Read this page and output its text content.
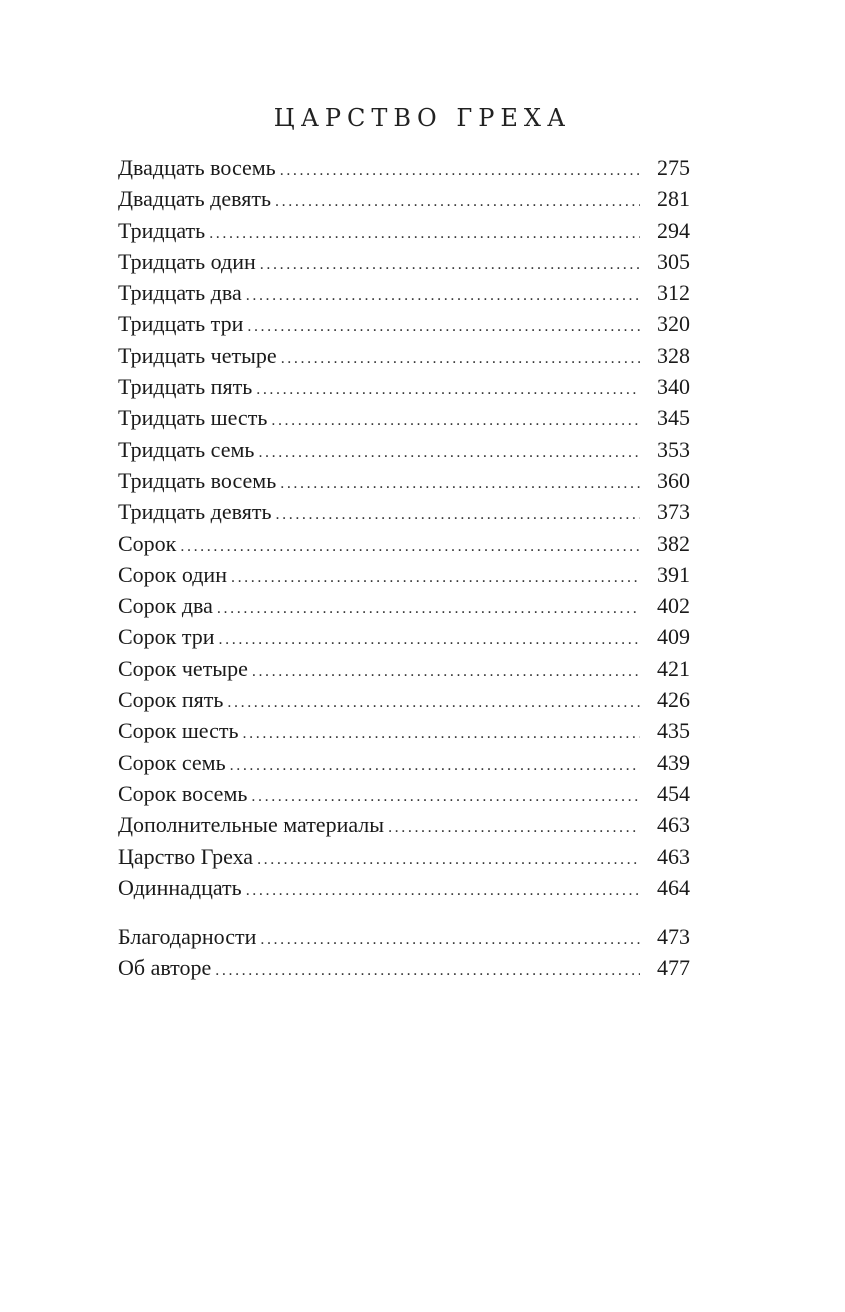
ЦАРСТВО ГРЕХА
Двадцать восемь .....	275
Двадцать девять .....	281
Тридцать .....	294
Тридцать один .....	305
Тридцать два .....	312
Тридцать три .....	320
Тридцать четыре .....	328
Тридцать пять .....	340
Тридцать шесть .....	345
Тридцать семь .....	353
Тридцать восемь .....	360
Тридцать девять .....	373
Сорок .....	382
Сорок один .....	391
Сорок два .....	402
Сорок три .....	409
Сорок четыре .....	421
Сорок пять .....	426
Сорок шесть .....	435
Сорок семь .....	439
Сорок восемь .....	454
Дополнительные материалы .....	463
Царство Греха .....	463
Одиннадцать .....	464
Благодарности .....	473
Об авторе .....	477
